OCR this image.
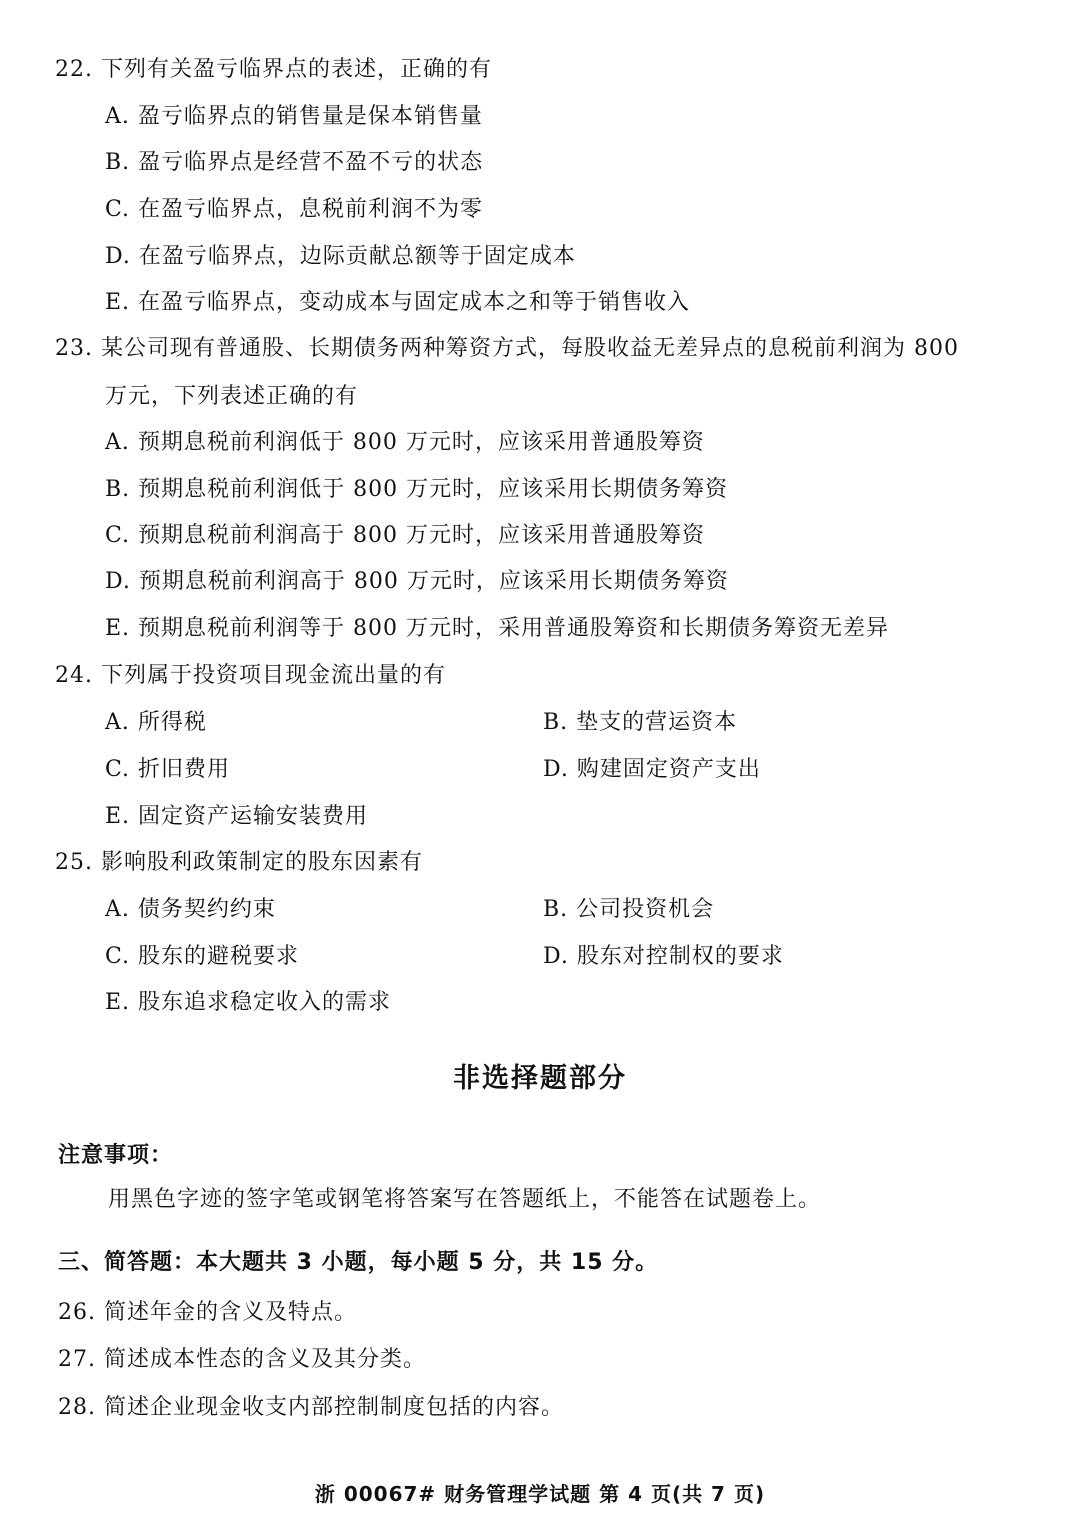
22. 下列有关盈亏临界点的表述，正确的有
A. 盈亏临界点的销售量是保本销售量
B. 盈亏临界点是经营不盈不亏的状态
C. 在盈亏临界点，息税前利润不为零
D. 在盈亏临界点，边际贡献总额等于固定成本
E. 在盈亏临界点，变动成本与固定成本之和等于销售收入
23. 某公司现有普通股、长期债务两种筹资方式，每股收益无差异点的息税前利润为 800
万元，下列表述正确的有
A. 预期息税前利润低于 800 万元时，应该采用普通股筹资
B. 预期息税前利润低于 800 万元时，应该采用长期债务筹资
C. 预期息税前利润高于 800 万元时，应该采用普通股筹资
D. 预期息税前利润高于 800 万元时，应该采用长期债务筹资
E. 预期息税前利润等于 800 万元时，采用普通股筹资和长期债务筹资无差异
24. 下列属于投资项目现金流出量的有
A. 所得税	B. 垫支的营运资本
C. 折旧费用	D. 购建固定资产支出
E. 固定资产运输安装费用
25. 影响股利政策制定的股东因素有
A. 债务契约约束	B. 公司投资机会
C. 股东的避税要求	D. 股东对控制权的要求
E. 股东追求稳定收入的需求
非选择题部分
注意事项：
用黑色字迹的签字笔或钢笔将答案写在答题纸上，不能答在试题卷上。
三、简答题：本大题共 3 小题，每小题 5 分，共 15 分。
26. 简述年金的含义及特点。
27. 简述成本性态的含义及其分类。
28. 简述企业现金收支内部控制制度包括的内容。
浙 00067# 财务管理学试题 第 4 页(共 7 页)
